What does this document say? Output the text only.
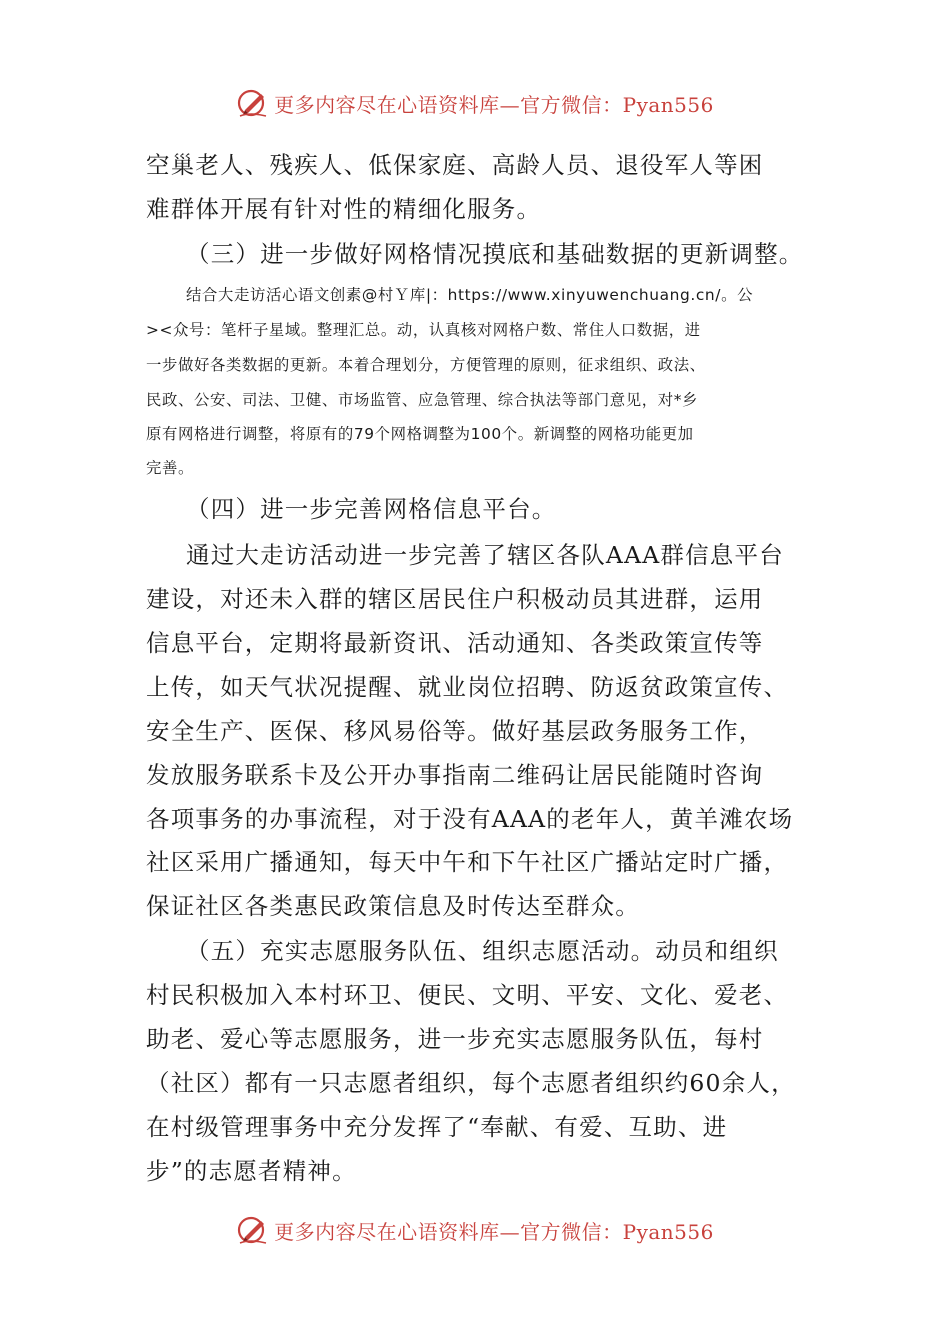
更多内容尽在心语资料库—官方微信：Pyan556
空巢老人、残疾人、低保家庭、高龄人员、退役军人等困
难群体开展有针对性的精细化服务。
（三）进一步做好网格情况摸底和基础数据的更新调整。
结合大走访活心语文创素@村Ｙ库|：https://www.xinyuwenchuang.cn/。公
><众号：笔杆子星域。整理汇总。动，认真核对网格户数、常住人口数据，进
一步做好各类数据的更新。本着合理划分，方便管理的原则，征求组织、政法、
民政、公安、司法、卫健、市场监管、应急管理、综合执法等部门意见，对*乡
原有网格进行调整，将原有的79个网格调整为100个。新调整的网格功能更加
完善。
（四）进一步完善网格信息平台。
通过大走访活动进一步完善了辖区各队AAA群信息平台
建设，对还未入群的辖区居民住户积极动员其进群，运用
信息平台，定期将最新资讯、活动通知、各类政策宣传等
上传，如天气状况提醒、就业岗位招聘、防返贫政策宣传、
安全生产、医保、移风易俗等。做好基层政务服务工作，
发放服务联系卡及公开办事指南二维码让居民能随时咨询
各项事务的办事流程，对于没有AAA的老年人，黄羊滩农场
社区采用广播通知，每天中午和下午社区广播站定时广播，
保证社区各类惠民政策信息及时传达至群众。
（五）充实志愿服务队伍、组织志愿活动。动员和组织
村民积极加入本村环卫、便民、文明、平安、文化、爱老、
助老、爱心等志愿服务，进一步充实志愿服务队伍，每村
（社区）都有一只志愿者组织，每个志愿者组织约60余人，
在村级管理事务中充分发挥了“奉献、有爱、互助、进
步”的志愿者精神。
更多内容尽在心语资料库—官方微信：Pyan556
